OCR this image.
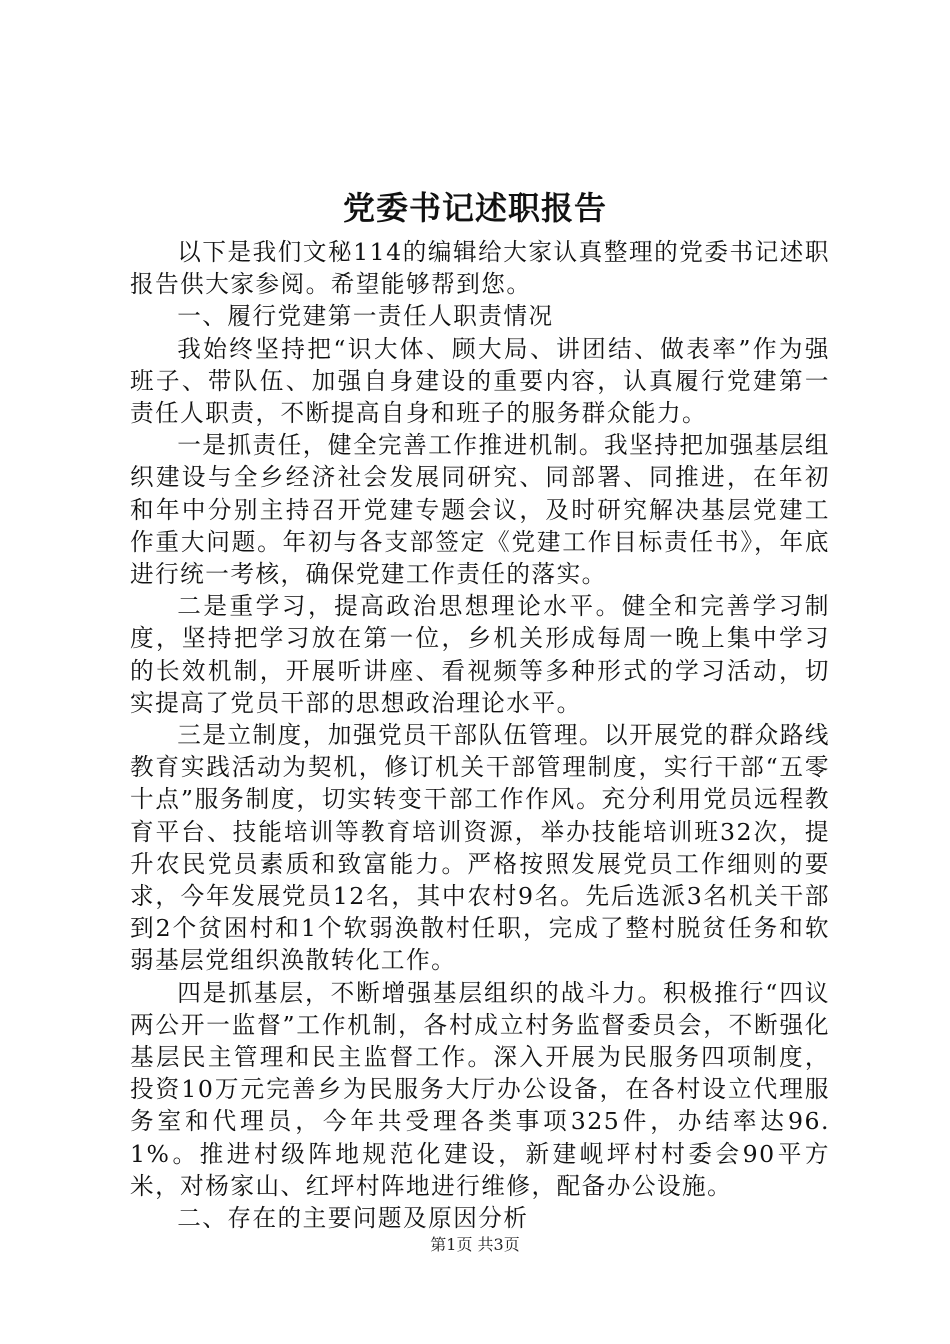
党委书记述职报告

以下是我们文秘114的编辑给大家认真整理的党委书记述职报告供大家参阅。希望能够帮到您。

一、履行党建第一责任人职责情况

我始终坚持把“识大体、顾大局、讲团结、做表率”作为强班子、带队伍、加强自身建设的重要内容，认真履行党建第一责任人职责，不断提高自身和班子的服务群众能力。

一是抓责任，健全完善工作推进机制。我坚持把加强基层组织建设与全乡经济社会发展同研究、同部署、同推进，在年初和年中分别主持召开党建专题会议，及时研究解决基层党建工作重大问题。年初与各支部签定《党建工作目标责任书》，年底进行统一考核，确保党建工作责任的落实。

二是重学习，提高政治思想理论水平。健全和完善学习制度，坚持把学习放在第一位，乡机关形成每周一晚上集中学习的长效机制，开展听讲座、看视频等多种形式的学习活动，切实提高了党员干部的思想政治理论水平。

三是立制度，加强党员干部队伍管理。以开展党的群众路线教育实践活动为契机，修订机关干部管理制度，实行干部“五零十点”服务制度，切实转变干部工作作风。充分利用党员远程教育平台、技能培训等教育培训资源，举办技能培训班32次，提升农民党员素质和致富能力。严格按照发展党员工作细则的要求，今年发展党员12名，其中农村9名。先后选派3名机关干部到2个贫困村和1个软弱涣散村任职，完成了整村脱贫任务和软弱基层党组织涣散转化工作。

四是抓基层，不断增强基层组织的战斗力。积极推行“四议两公开一监督”工作机制，各村成立村务监督委员会，不断强化基层民主管理和民主监督工作。深入开展为民服务四项制度，投资10万元完善乡为民服务大厅办公设备，在各村设立代理服务室和代理员，今年共受理各类事项325件，办结率达96.1%。推进村级阵地规范化建设，新建岘坪村村委会90平方米，对杨家山、红坪村阵地进行维修，配备办公设施。

二、存在的主要问题及原因分析

第1页 共3页
